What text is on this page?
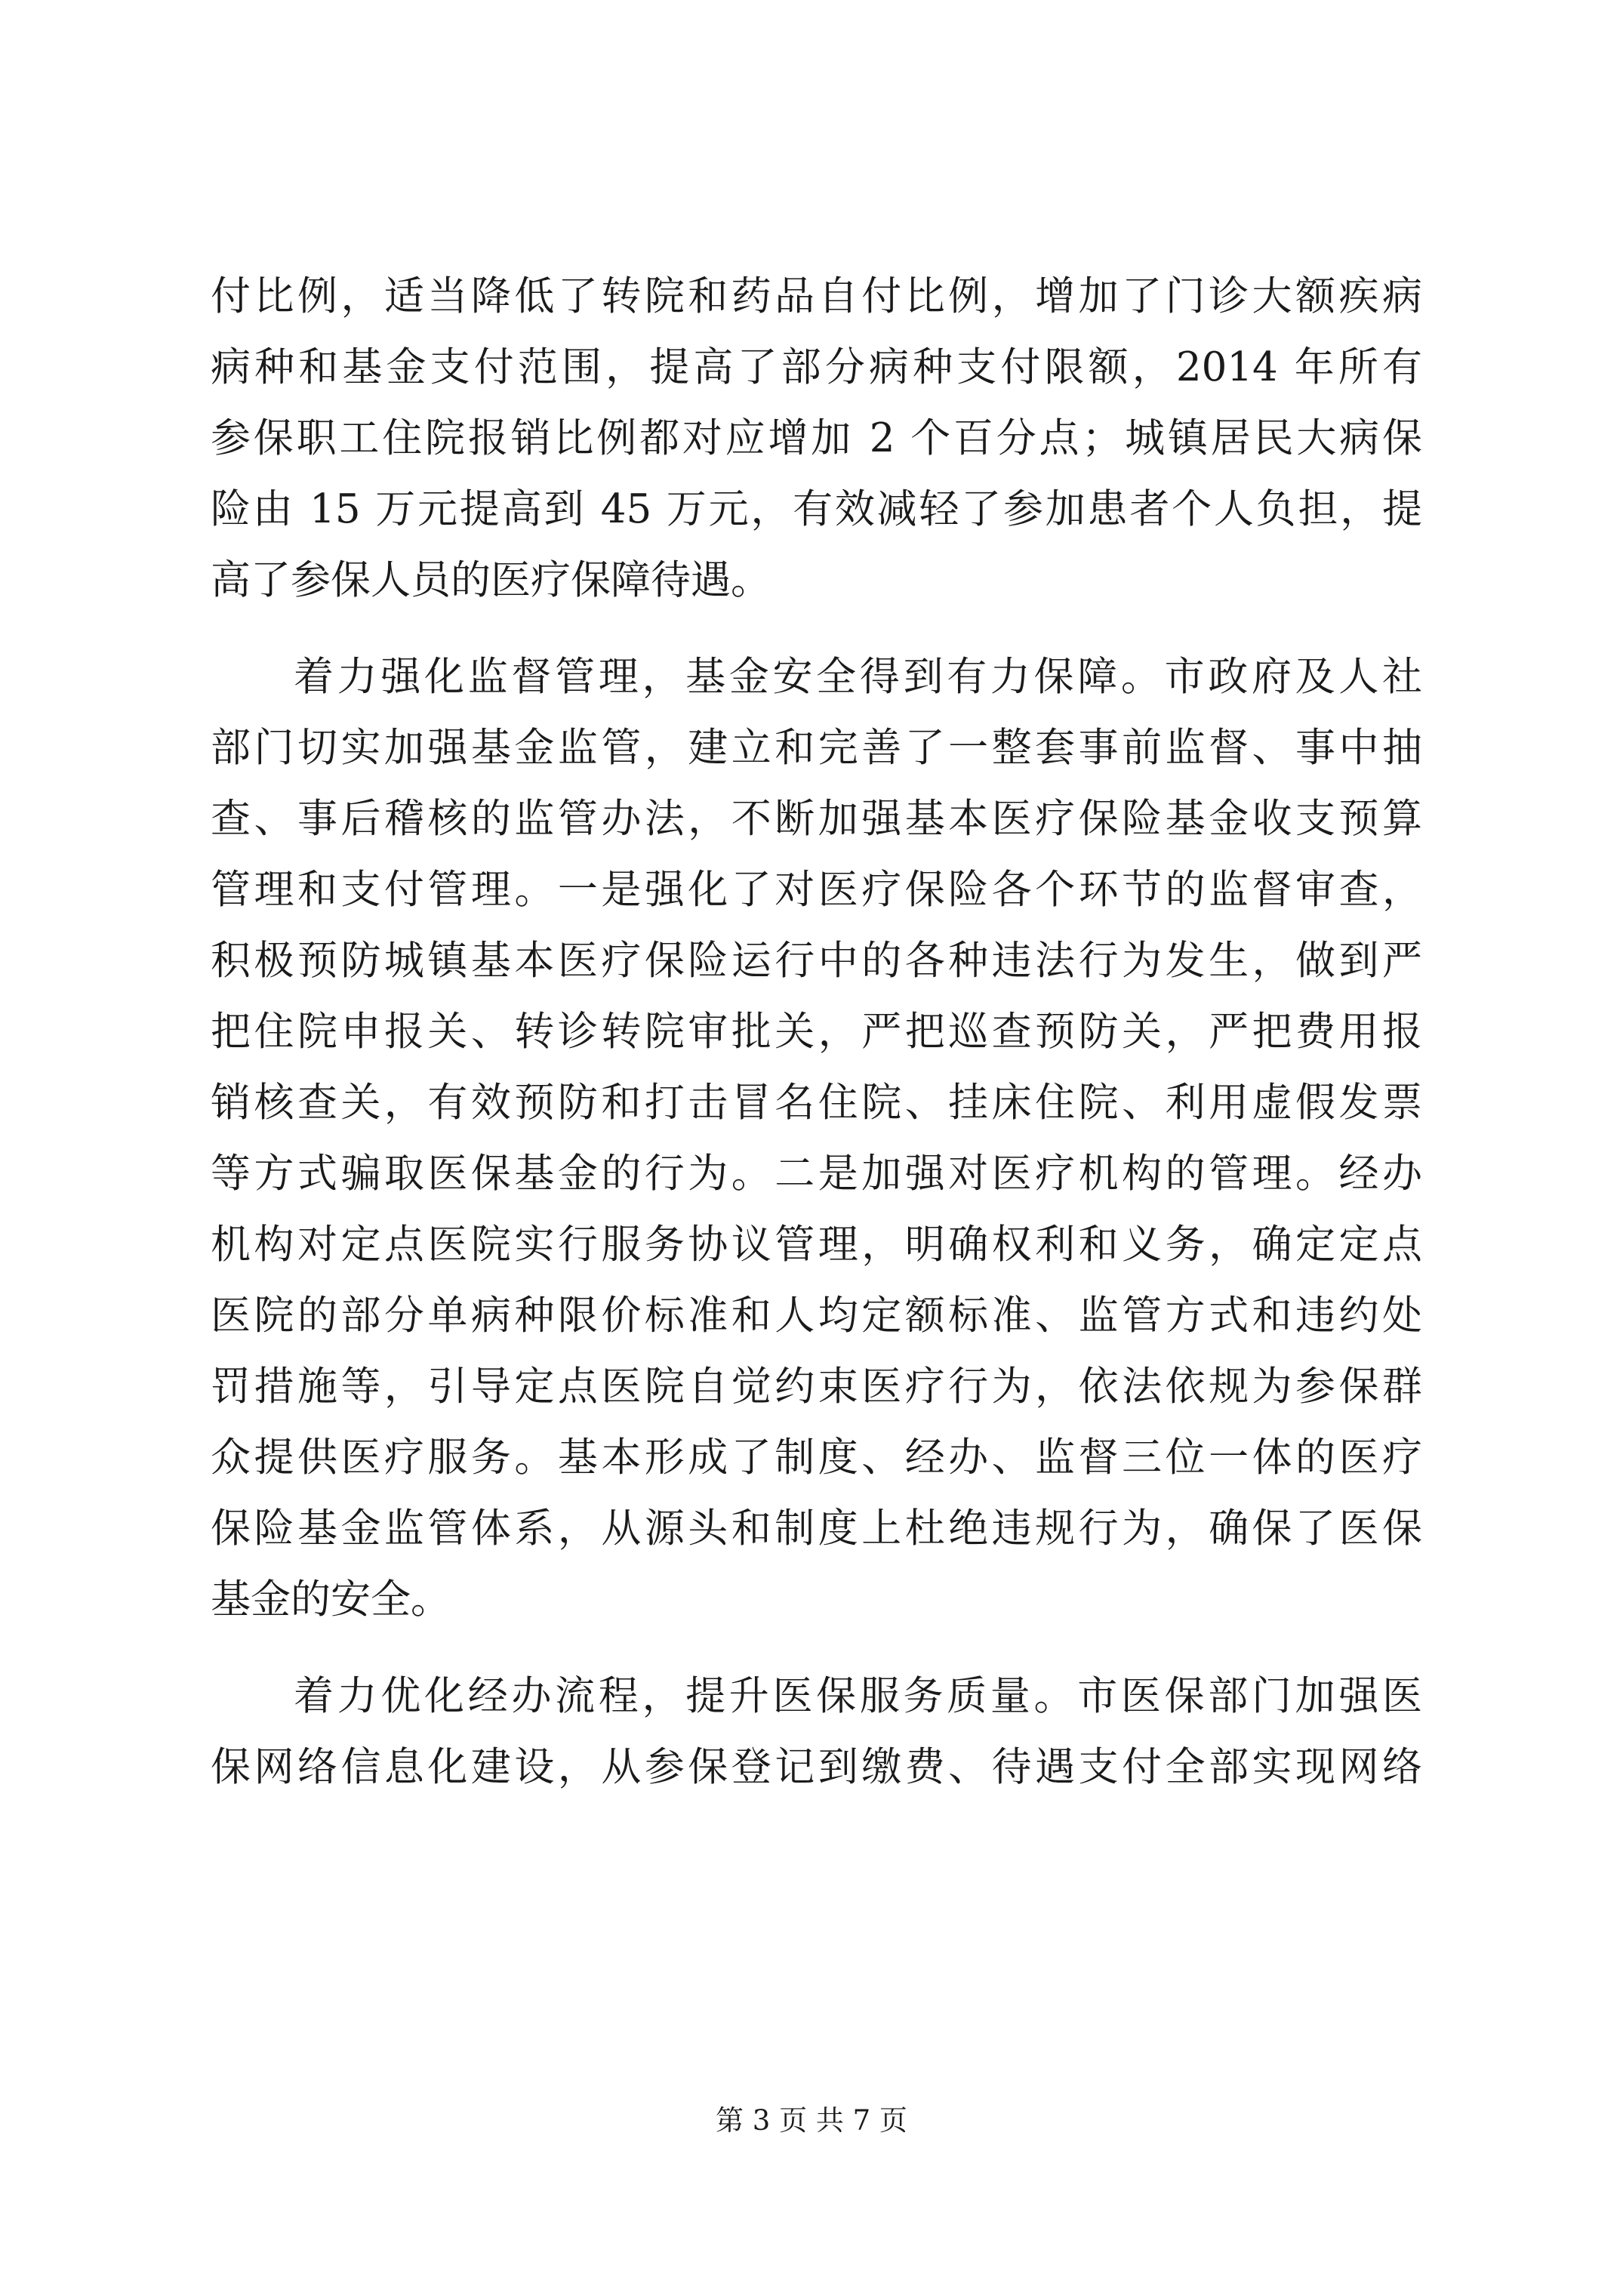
付比例，适当降低了转院和药品自付比例，增加了门诊大额疾病
病种和基金支付范围，提高了部分病种支付限额，2014 年所有
参保职工住院报销比例都对应增加 2 个百分点；城镇居民大病保
险由 15 万元提高到 45 万元，有效减轻了参加患者个人负担，提
高了参保人员的医疗保障待遇。
着力强化监督管理，基金安全得到有力保障。市政府及人社
部门切实加强基金监管，建立和完善了一整套事前监督、事中抽
查、事后稽核的监管办法，不断加强基本医疗保险基金收支预算
管理和支付管理。一是强化了对医疗保险各个环节的监督审查，
积极预防城镇基本医疗保险运行中的各种违法行为发生，做到严
把住院申报关、转诊转院审批关，严把巡查预防关，严把费用报
销核查关，有效预防和打击冒名住院、挂床住院、利用虚假发票
等方式骗取医保基金的行为。二是加强对医疗机构的管理。经办
机构对定点医院实行服务协议管理，明确权利和义务，确定定点
医院的部分单病种限价标准和人均定额标准、监管方式和违约处
罚措施等，引导定点医院自觉约束医疗行为，依法依规为参保群
众提供医疗服务。基本形成了制度、经办、监督三位一体的医疗
保险基金监管体系，从源头和制度上杜绝违规行为，确保了医保
基金的安全。
着力优化经办流程，提升医保服务质量。市医保部门加强医
保网络信息化建设，从参保登记到缴费、待遇支付全部实现网络
第 3 页 共 7 页
